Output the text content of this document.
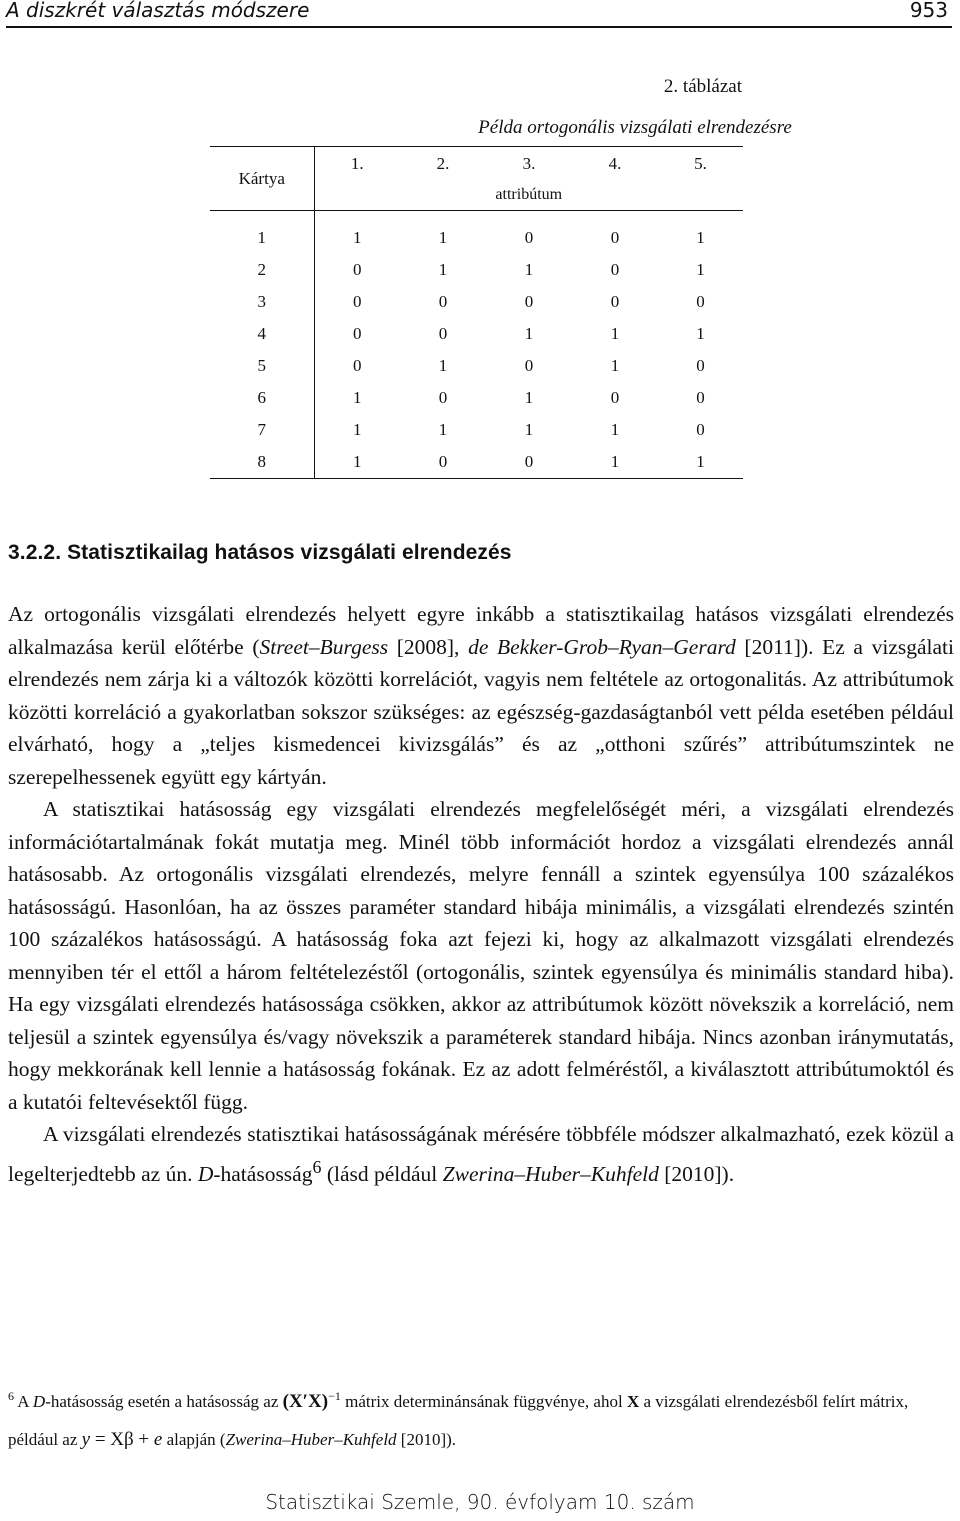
A diszkrét választás módszere	953
2. táblázat
Példa ortogonális vizsgálati elrendezésre
Kártya	1.	2.	3.	4.	5.
	attribútum				

1	1	1	0	0	1
2	0	1	1	0	1
3	0	0	0	0	0
4	0	0	1	1	1
5	0	1	0	1	0
6	1	0	1	0	0
7	1	1	1	1	0
8	1	0	0	1	1
3.2.2. Statisztikailag hatásos vizsgálati elrendezés

Az ortogonális vizsgálati elrendezés helyett egyre inkább a statisztikailag hatásos vizsgálati elrendezés alkalmazása kerül előtérbe (Street–Burgess [2008], de Bekker-Grob–Ryan–Gerard [2011]). Ez a vizsgálati elrendezés nem zárja ki a változók közötti korrelációt, vagyis nem feltétele az ortogonalitás. Az attribútumok közötti korreláció a gyakorlatban sokszor szükséges: az egészség-gazdaságtanból vett példa esetében például elvárható, hogy a „teljes kismedencei kivizsgálás” és az „otthoni szűrés” attribútumszintek ne szerepelhessenek együtt egy kártyán.

A statisztikai hatásosság egy vizsgálati elrendezés megfelelőségét méri, a vizsgálati elrendezés információtartalmának fokát mutatja meg. Minél több információt hordoz a vizsgálati elrendezés annál hatásosabb. Az ortogonális vizsgálati elrendezés, melyre fennáll a szintek egyensúlya 100 százalékos hatásosságú. Hasonlóan, ha az összes paraméter standard hibája minimális, a vizsgálati elrendezés szintén 100 százalékos hatásosságú. A hatásosság foka azt fejezi ki, hogy az alkalmazott vizsgálati elrendezés mennyiben tér el ettől a három feltételezéstől (ortogonális, szintek egyensúlya és minimális standard hiba). Ha egy vizsgálati elrendezés hatásossága csökken, akkor az attribútumok között növekszik a korreláció, nem teljesül a szintek egyensúlya és/vagy növekszik a paraméterek standard hibája. Nincs azonban iránymutatás, hogy mekkorának kell lennie a hatásosság fokának. Ez az adott felméréstől, a kiválasztott attribútumoktól és a kutatói feltevésektől függ.

A vizsgálati elrendezés statisztikai hatásosságának mérésére többféle módszer alkalmazható, ezek közül a legelterjedtebb az ún. D-hatásosság$^6$ (lásd például Zwerina–Huber–Kuhfeld [2010]).

$^6$ A D-hatásosság esetén a hatásosság az $(X'X)^{-1}$ mátrix determinánsának függvénye, ahol X a vizsgálati elrendezésből felírt mátrix, például az y = Xβ + e alapján (Zwerina–Huber–Kuhfeld [2010]).
Statisztikai Szemle, 90. évfolyam 10. szám
